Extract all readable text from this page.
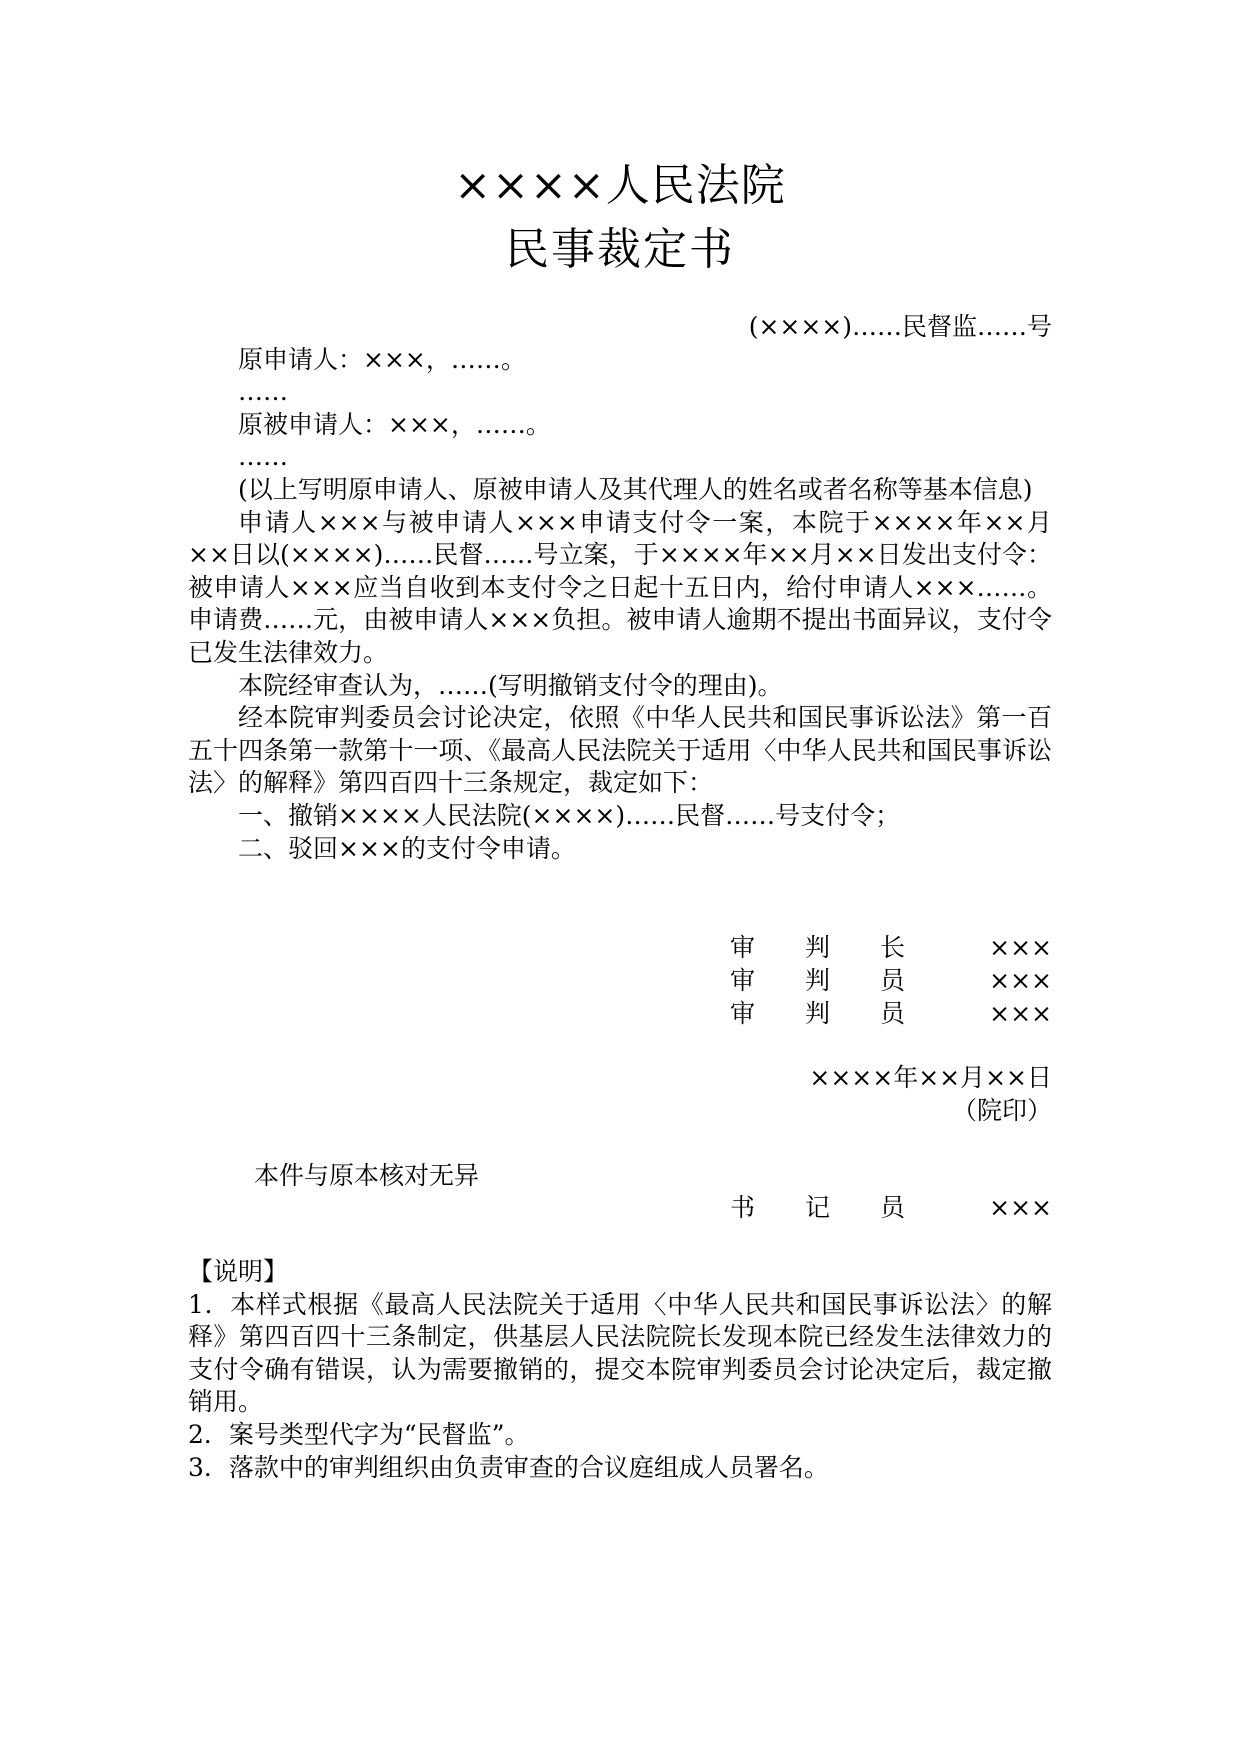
××××人民法院
民事裁定书

(××××)……民督监……号

原申请人：×××，……。

……

原被申请人：×××，……。

……

(以上写明原申请人、原被申请人及其代理人的姓名或者名称等基本信息)

申请人×××与被申请人×××申请支付令一案，本院于××××年××月××日以(××××)……民督……号立案，于××××年××月××日发出支付令：被申请人×××应当自收到本支付令之日起十五日内，给付申请人×××……。申请费……元，由被申请人×××负担。被申请人逾期不提出书面异议，支付令已发生法律效力。

本院经审查认为，……(写明撤销支付令的理由)。

经本院审判委员会讨论决定，依照《中华人民共和国民事诉讼法》第一百五十四条第一款第十一项、《最高人民法院关于适用〈中华人民共和国民事诉讼法〉的解释》第四百四十三条规定，裁定如下：

一、撤销××××人民法院(××××)……民督……号支付令；

二、驳回×××的支付令申请。

审 判 长	×××
审 判 员	×××
审 判 员	×××
××××年××月××日
（院印）
本件与原本核对无异
书 记 员	×××

【说明】

1．本样式根据《最高人民法院关于适用〈中华人民共和国民事诉讼法〉的解释》第四百四十三条制定，供基层人民法院院长发现本院已经发生法律效力的支付令确有错误，认为需要撤销的，提交本院审判委员会讨论决定后，裁定撤销用。

2．案号类型代字为“民督监”。

3．落款中的审判组织由负责审查的合议庭组成人员署名。
